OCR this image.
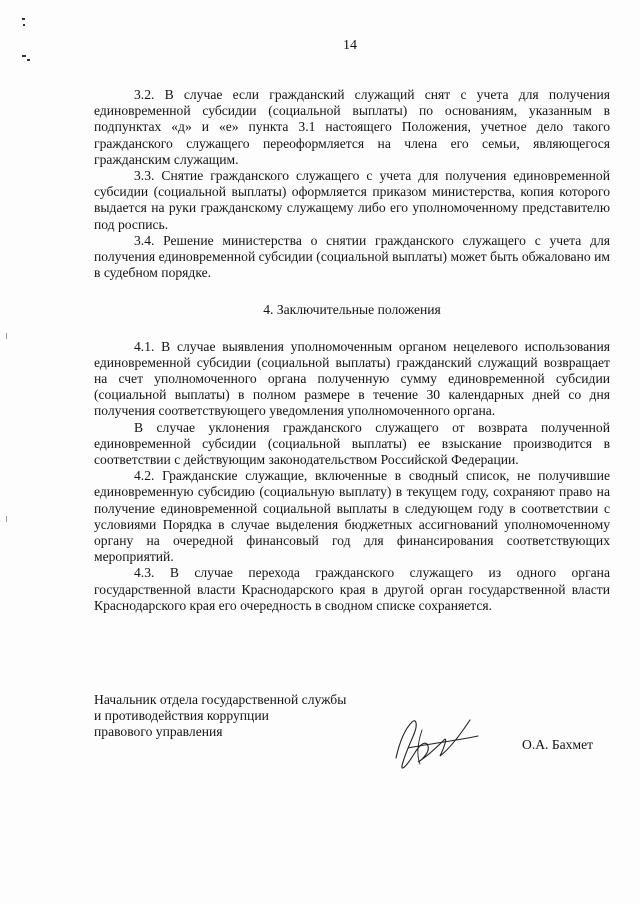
14

3.2. В случае если гражданский служащий снят с учета для получения единовременной субсидии (социальной выплаты) по основаниям, указанным в подпунктах «д» и «е» пункта 3.1 настоящего Положения, учетное дело такого гражданского служащего переоформляется на члена его семьи, являющегося гражданским служащим.

3.3. Снятие гражданского служащего с учета для получения единовременной субсидии (социальной выплаты) оформляется приказом министерства, копия которого выдается на руки гражданскому служащему либо его уполномоченному представителю под роспись.

3.4. Решение министерства о снятии гражданского служащего с учета для получения единовременной субсидии (социальной выплаты) может быть обжаловано им в судебном порядке.

4. Заключительные положения

4.1. В случае выявления уполномоченным органом нецелевого использования единовременной субсидии (социальной выплаты) гражданский служащий возвращает на счет уполномоченного органа полученную сумму единовременной субсидии (социальной выплаты) в полном размере в течение 30 календарных дней со дня получения соответствующего уведомления уполномоченного органа.

В случае уклонения гражданского служащего от возврата полученной единовременной субсидии (социальной выплаты) ее взыскание производится в соответствии с действующим законодательством Российской Федерации.

4.2. Гражданские служащие, включенные в сводный список, не получившие единовременную субсидию (социальную выплату) в текущем году, сохраняют право на получение единовременной социальной выплаты в следующем году в соответствии с условиями Порядка в случае выделения бюджетных ассигнований уполномоченному органу на очередной финансовый год для финансирования соответствующих мероприятий.

4.3. В случае перехода гражданского служащего из одного органа государственной власти Краснодарского края в другой орган государственной власти Краснодарского края его очередность в сводном списке сохраняется.

Начальник отдела государственной службы
и противодействия коррупции
правового управления
О.А. Бахмет
